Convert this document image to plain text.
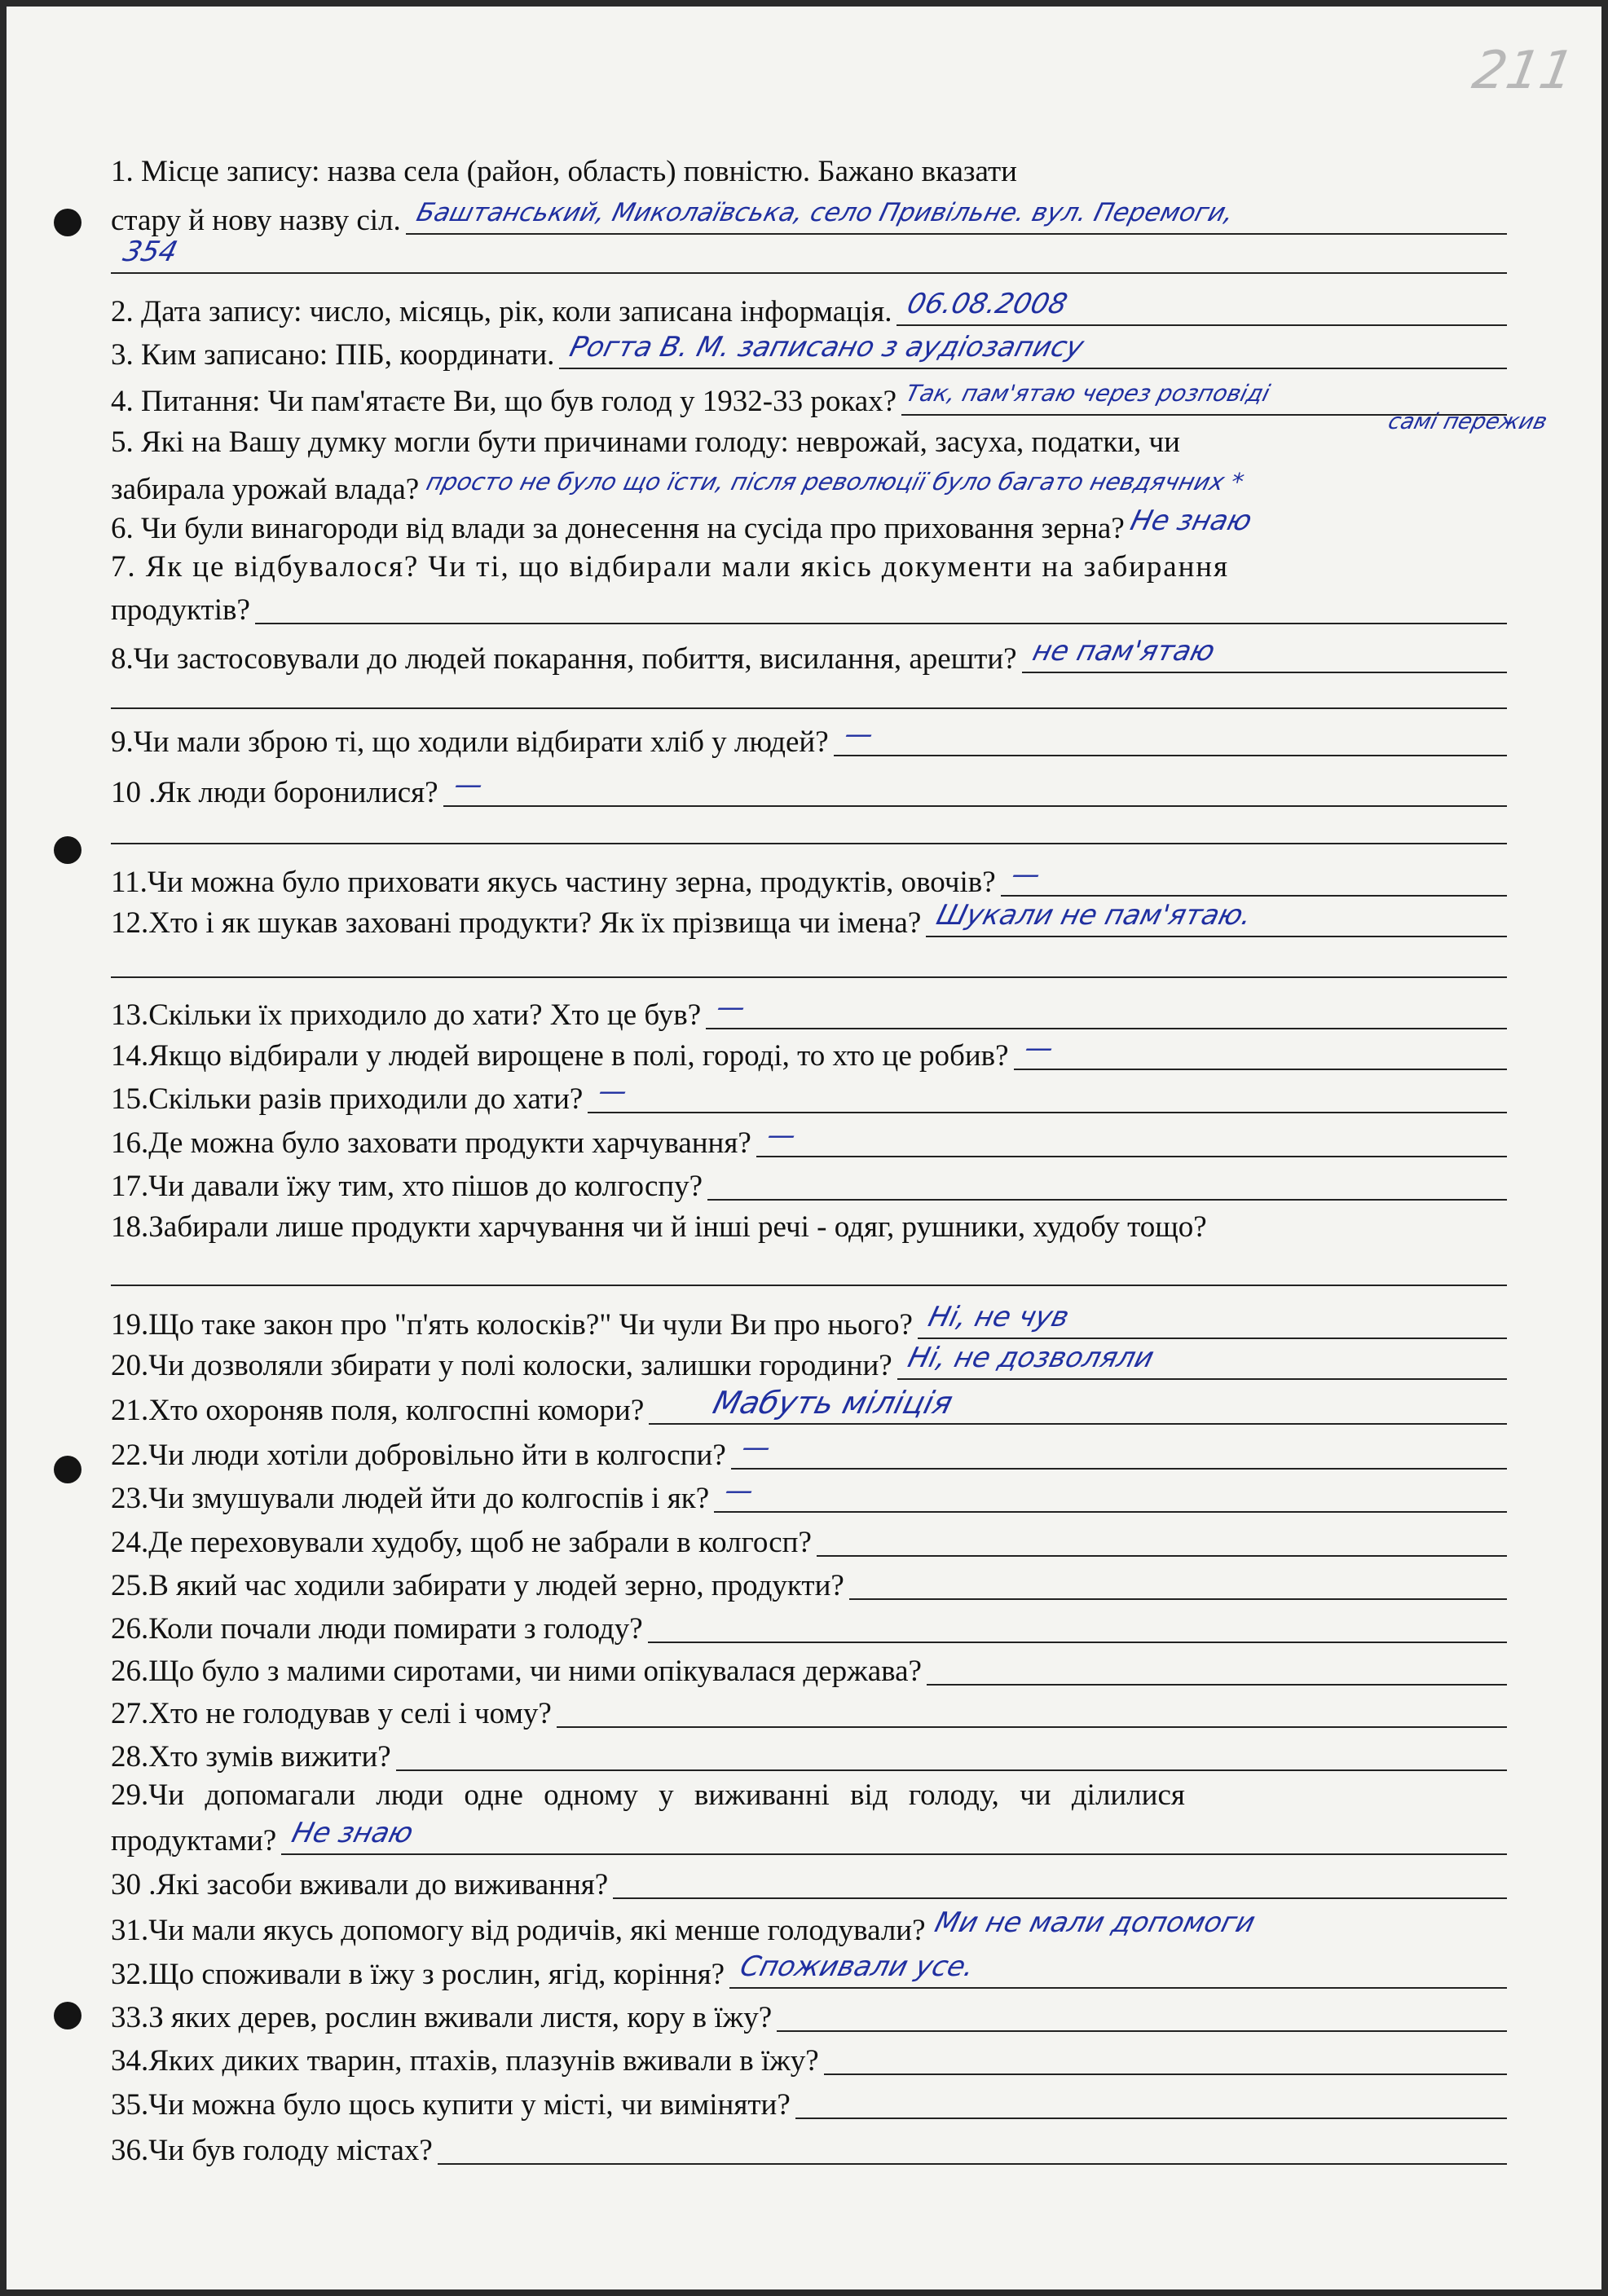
211
1. Місце запису: назва села (район, область) повністю. Бажано вказати
стару й нову назву сіл. Баштанський, Миколаївська, село Привільне. вул. Перемоги,
354
2. Дата запису: число, місяць, рік, коли записана інформація. 06.08.2008
3. Ким записано: ПІБ, координати. Рогта В. М. записано з аудіозапису
4. Питання: Чи пам'ятаєте Ви, що був голод у 1932-33 роках? Так, пам'ятаю через розповіді
5. Які на Вашу думку могли бути причинами голоду: неврожай, засуха, податки, чи
самі пережив
забирала урожай влада? просто не було що їсти, після революції було багато невдячних *
6. Чи були винагороди від влади за донесення на сусіда про приховання зерна? Не знаю
7. Як це відбувалося? Чи ті, що відбирали мали якісь документи на забирання
продуктів?
8.Чи застосовували до людей покарання, побиття, висилання, арешти? не пам'ятаю
9.Чи мали зброю ті, що ходили відбирати хліб у людей? —
10 .Як люди боронилися? —
11.Чи можна було приховати якусь частину зерна, продуктів, овочів? —
12.Хто і як шукав заховані продукти? Як їх прізвища чи імена? Шукали не пам'ятаю.
13.Скільки їх приходило до хати? Хто це був? —
14.Якщо відбирали у людей вирощене в полі, городі, то хто це робив? —
15.Скільки разів приходили до хати? —
16.Де можна було заховати продукти харчування? —
17.Чи давали їжу тим, хто пішов до колгоспу?
18.Забирали лише продукти харчування чи й інші речі - одяг, рушники, худобу тощо?
19.Що таке закон про "п'ять колосків?" Чи чули Ви про нього? Ні, не чув
20.Чи дозволяли збирати у полі колоски, залишки городини? Ні, не дозволяли
21.Хто охороняв поля, колгоспні комори? Мабуть міліція
22.Чи люди хотіли добровільно йти в колгоспи? —
23.Чи змушували людей йти до колгоспів і як? —
24.Де переховували худобу, щоб не забрали в колгосп?
25.В який час ходили забирати у людей зерно, продукти?
26.Коли почали люди помирати з голоду?
26.Що було з малими сиротами, чи ними опікувалася держава?
27.Хто не голодував у селі і чому?
28.Хто зумів вижити?
29.Чи допомагали люди одне одному у виживанні від голоду, чи ділилися
продуктами? Не знаю
30 .Які засоби вживали до виживання?
31.Чи мали якусь допомогу від родичів, які менше голодували? Ми не мали допомоги
32.Що споживали в їжу з рослин, ягід, коріння? Споживали усе.
33.З яких дерев, рослин вживали листя, кору в їжу?
34.Яких диких тварин, птахів, плазунів вживали в їжу?
35.Чи можна було щось купити у місті, чи виміняти?
36.Чи був голоду містах?
